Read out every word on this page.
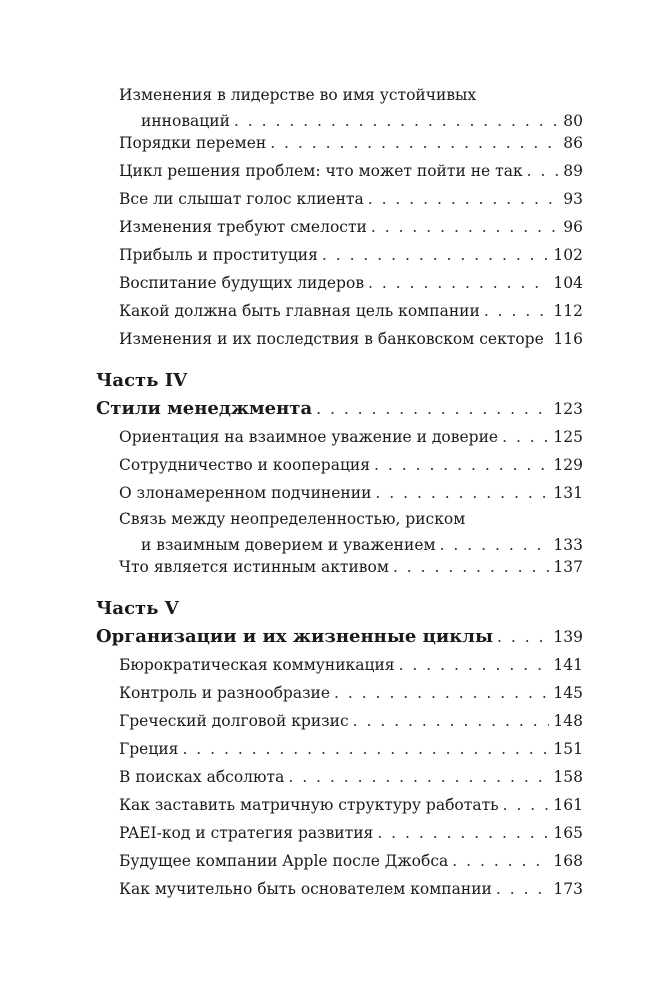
Изменения в лидерстве во имя устойчивых
инноваций . . .	80
Порядки перемен . . .	86
Цикл решения проблем: что может пойти не так . . .	89
Все ли слышат голос клиента . . .	93
Изменения требуют смелости . . .	96
Прибыль и проституция . . .	102
Воспитание будущих лидеров . . .	104
Какой должна быть главная цель компании . . .	112
Изменения и их последствия в банковском секторе . . . 116
Часть IV
Стили менеджмента . . .	123
Ориентация на взаимное уважение и доверие . . .	125
Сотрудничество и кооперация . . .	129
О злонамеренном подчинении . . .	131
Связь между неопределенностью, риском
и взаимным доверием и уважением . . .	133
Что является истинным активом . . .	137
Часть V
Организации и их жизненные циклы . . .	139
Бюрократическая коммуникация . . .	141
Контроль и разнообразие . . .	145
Греческий долговой кризис . . .	148
Греция . . .	151
В поисках абсолюта . . .	158
Как заставить матричную структуру работать . . .	161
PAEI-код и стратегия развития . . .	165
Будущее компании Apple после Джобса . . .	168
Как мучительно быть основателем компании . . .	173
